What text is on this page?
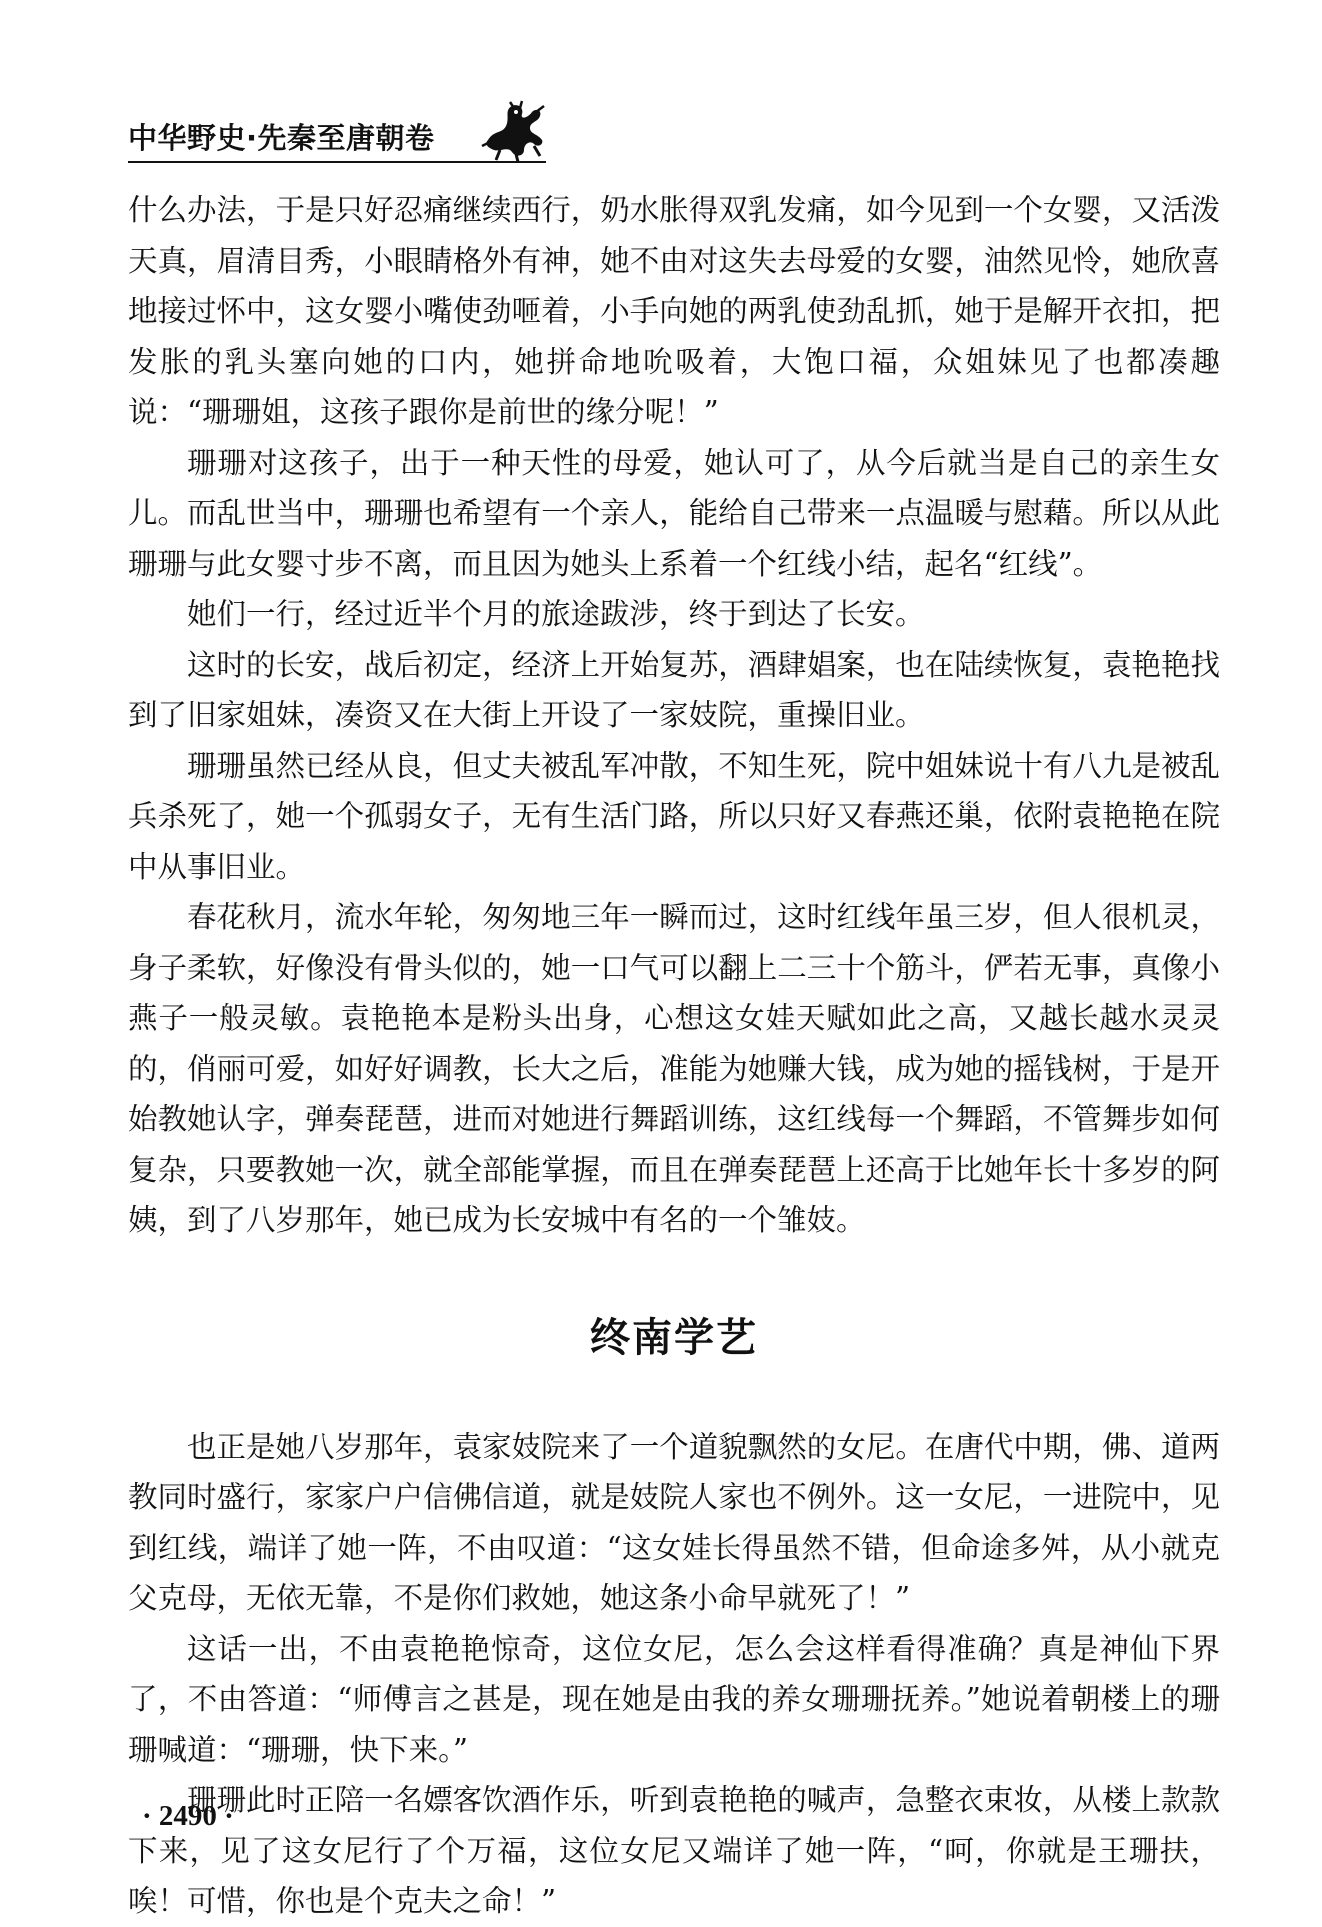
中华野史·先秦至唐朝卷

什么办法，于是只好忍痛继续西行，奶水胀得双乳发痛，如今见到一个女婴，又活泼天真，眉清目秀，小眼睛格外有神，她不由对这失去母爱的女婴，油然见怜，她欣喜地接过怀中，这女婴小嘴使劲咂着，小手向她的两乳使劲乱抓，她于是解开衣扣，把发胀的乳头塞向她的口内，她拼命地吮吸着，大饱口福，众姐妹见了也都凑趣说：“珊珊姐，这孩子跟你是前世的缘分呢！”

珊珊对这孩子，出于一种天性的母爱，她认可了，从今后就当是自己的亲生女儿。而乱世当中，珊珊也希望有一个亲人，能给自己带来一点温暖与慰藉。所以从此珊珊与此女婴寸步不离，而且因为她头上系着一个红线小结，起名“红线”。

她们一行，经过近半个月的旅途跋涉，终于到达了长安。

这时的长安，战后初定，经济上开始复苏，酒肆娼案，也在陆续恢复，袁艳艳找到了旧家姐妹，凑资又在大街上开设了一家妓院，重操旧业。

珊珊虽然已经从良，但丈夫被乱军冲散，不知生死，院中姐妹说十有八九是被乱兵杀死了，她一个孤弱女子，无有生活门路，所以只好又春燕还巢，依附袁艳艳在院中从事旧业。

春花秋月，流水年轮，匆匆地三年一瞬而过，这时红线年虽三岁，但人很机灵，身子柔软，好像没有骨头似的，她一口气可以翻上二三十个筋斗，俨若无事，真像小燕子一般灵敏。袁艳艳本是粉头出身，心想这女娃天赋如此之高，又越长越水灵灵的，俏丽可爱，如好好调教，长大之后，准能为她赚大钱，成为她的摇钱树，于是开始教她认字，弹奏琵琶，进而对她进行舞蹈训练，这红线每一个舞蹈，不管舞步如何复杂，只要教她一次，就全部能掌握，而且在弹奏琵琶上还高于比她年长十多岁的阿姨，到了八岁那年，她已成为长安城中有名的一个雏妓。

终南学艺

也正是她八岁那年，袁家妓院来了一个道貌飘然的女尼。在唐代中期，佛、道两教同时盛行，家家户户信佛信道，就是妓院人家也不例外。这一女尼，一进院中，见到红线，端详了她一阵，不由叹道：“这女娃长得虽然不错，但命途多舛，从小就克父克母，无依无靠，不是你们救她，她这条小命早就死了！”

这话一出，不由袁艳艳惊奇，这位女尼，怎么会这样看得准确？真是神仙下界了，不由答道：“师傅言之甚是，现在她是由我的养女珊珊抚养。”她说着朝楼上的珊珊喊道：“珊珊，快下来。”

珊珊此时正陪一名嫖客饮酒作乐，听到袁艳艳的喊声，急整衣束妆，从楼上款款下来，见了这女尼行了个万福，这位女尼又端详了她一阵，“呵，你就是王珊扶，唉！可惜，你也是个克夫之命！”

· 2490 ·
